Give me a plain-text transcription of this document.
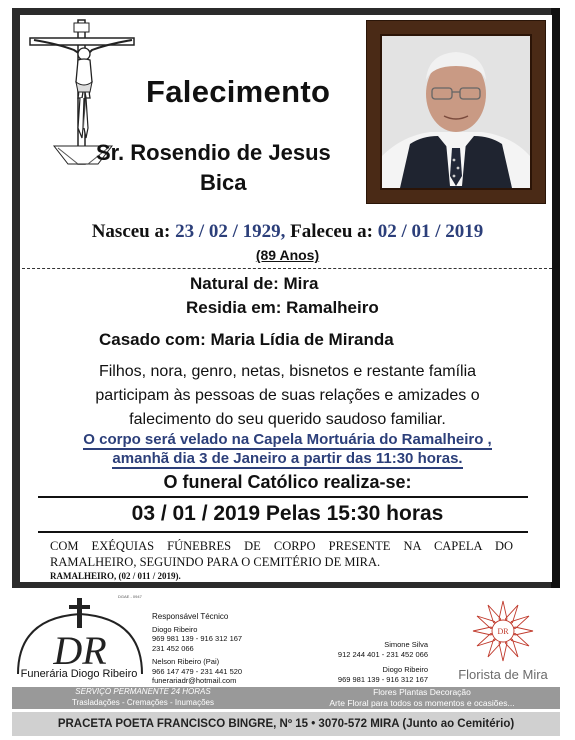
Falecimento
Sr. Rosendio de Jesus
Bica
Nasceu a: 23 / 02 / 1929, Faleceu a: 02 / 01 / 2019
(89 Anos)
Natural de: Mira
Residia em: Ramalheiro
Casado com: Maria Lídia de Miranda
Filhos, nora, genro, netas, bisnetos e restante família
participam às pessoas de suas relações e amizades o
falecimento do seu querido saudoso familiar.
O corpo será velado na Capela Mortuária do Ramalheiro ,
amanhã dia 3 de Janeiro a partir das 11:30 horas.
O funeral Católico realiza-se:
03 / 01 / 2019 Pelas 15:30 horas
COM EXÉQUIAS FÚNEBRES DE CORPO PRESENTE NA CAPELA DO RAMALHEIRO, SEGUINDO PARA O CEMITÉRIO DE MIRA.
RAMALHEIRO, (02 / 011 / 2019).
DR
DGAE - 0947
Funerária Diogo Ribeiro
Responsável Técnico
Diogo Ribeiro
969 981 139 - 916 312 167
231 452 066
Nelson Ribeiro (Pai)
966 147 479 - 231 441 520
funerariadr@hotmail.com
Simone Silva
912 244 401 - 231 452 066
Diogo Ribeiro
969 981 139 - 916 312 167
DR
Florista de Mira
SERVIÇO PERMANENTE 24 HORAS
Trasladações - Cremações - Inumações
Flores Plantas Decoração
Arte Floral para todos os momentos e ocasiões...
PRACETA POETA FRANCISCO BINGRE, Nº 15 • 3070-572 MIRA (Junto ao Cemitério)
